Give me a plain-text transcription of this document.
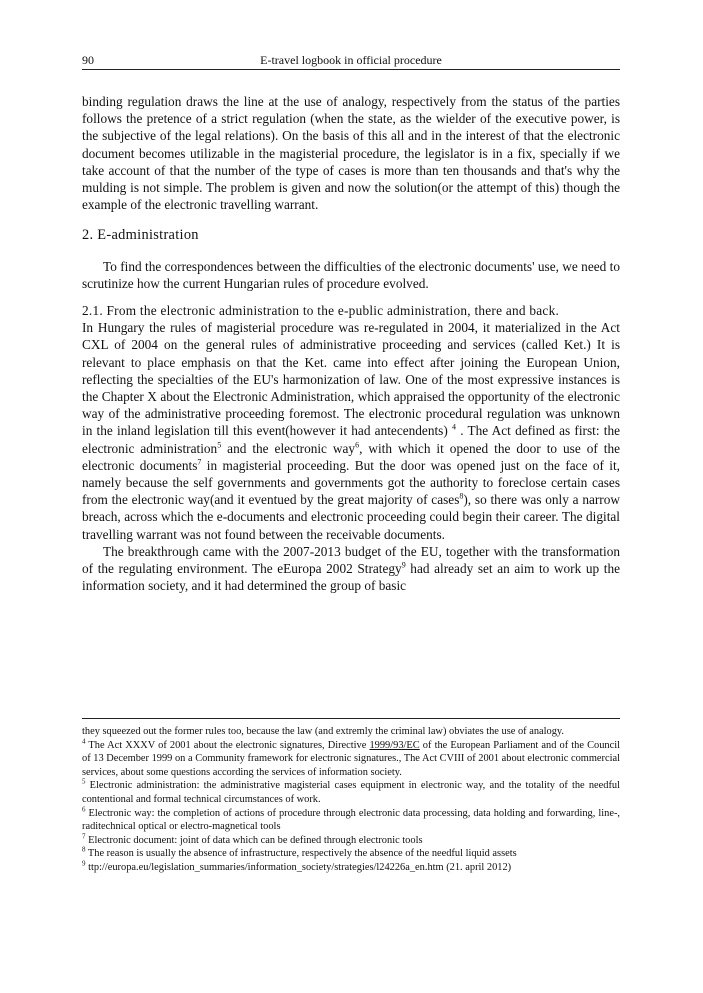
90	E-travel logbook in official procedure

binding regulation draws the line at the use of analogy, respectively from the status of the parties follows the pretence of a strict regulation (when the state, as the wielder of the executive power, is the subjective of the legal relations). On the basis of this all and in the interest of that the electronic document becomes utilizable in the magisterial procedure, the legislator is in a fix, specially if we take account of that the number of the type of cases is more than ten thousands and that's why the mulding is not simple. The problem is given and now the solution(or the attempt of this) though the example of the electronic travelling warrant.

2. E-administration

To find the correspondences between the difficulties of the electronic documents' use, we need to scrutinize how the current Hungarian rules of procedure evolved.

2.1. From the electronic administration to the e-public administration, there and back.

In Hungary the rules of magisterial procedure was re-regulated in 2004, it materialized in the Act CXL of 2004 on the general rules of administrative proceeding and services (called Ket.) It is relevant to place emphasis on that the Ket. came into effect after joining the European Union, reflecting the specialties of the EU's harmonization of law. One of the most expressive instances is the Chapter X about the Electronic Administration, which appraised the opportunity of the electronic way of the administrative proceeding foremost. The electronic procedural regulation was unknown in the inland legislation till this event(however it had antecendents) $^4$ . The Act defined as first: the electronic administration$^5$ and the electronic way$^6$, with which it opened the door to use of the electronic documents$^7$ in magisterial proceeding. But the door was opened just on the face of it, namely because the self governments and governments got the authority to foreclose certain cases from the electronic way(and it eventued by the great majority of cases$^8$), so there was only a narrow breach, across which the e-documents and electronic proceeding could begin their career. The digital travelling warrant was not found between the receivable documents.

The breakthrough came with the 2007-2013 budget of the EU, together with the transformation of the regulating environment. The eEuropa 2002 Strategy$^9$ had already set an aim to work up the information society, and it had determined the group of basic

they squeezed out the former rules too, because the law (and extremly the criminal law) obviates the use of analogy.

$^4$ The Act XXXV of 2001 about the electronic signatures, Directive 1999/93/EC of the European Parliament and of the Council of 13 December 1999 on a Community framework for electronic signatures., The Act CVIII of 2001 about electronic commercial services, about some questions according the services of information society.

$^5$ Electronic administration: the administrative magisterial cases equipment in electronic way, and the totality of the needful contentional and formal technical circumstances of work.

$^6$ Electronic way: the completion of actions of procedure through electronic data processing, data holding and forwarding, line-, raditechnical optical or electro-magnetical tools

$^7$ Electronic document: joint of data which can be defined through electronic tools

$^8$ The reason is usually the absence of infrastructure, respectively the absence of the needful liquid assets

$^9$ ttp://europa.eu/legislation_summaries/information_society/strategies/l24226a_en.htm (21. april 2012)
